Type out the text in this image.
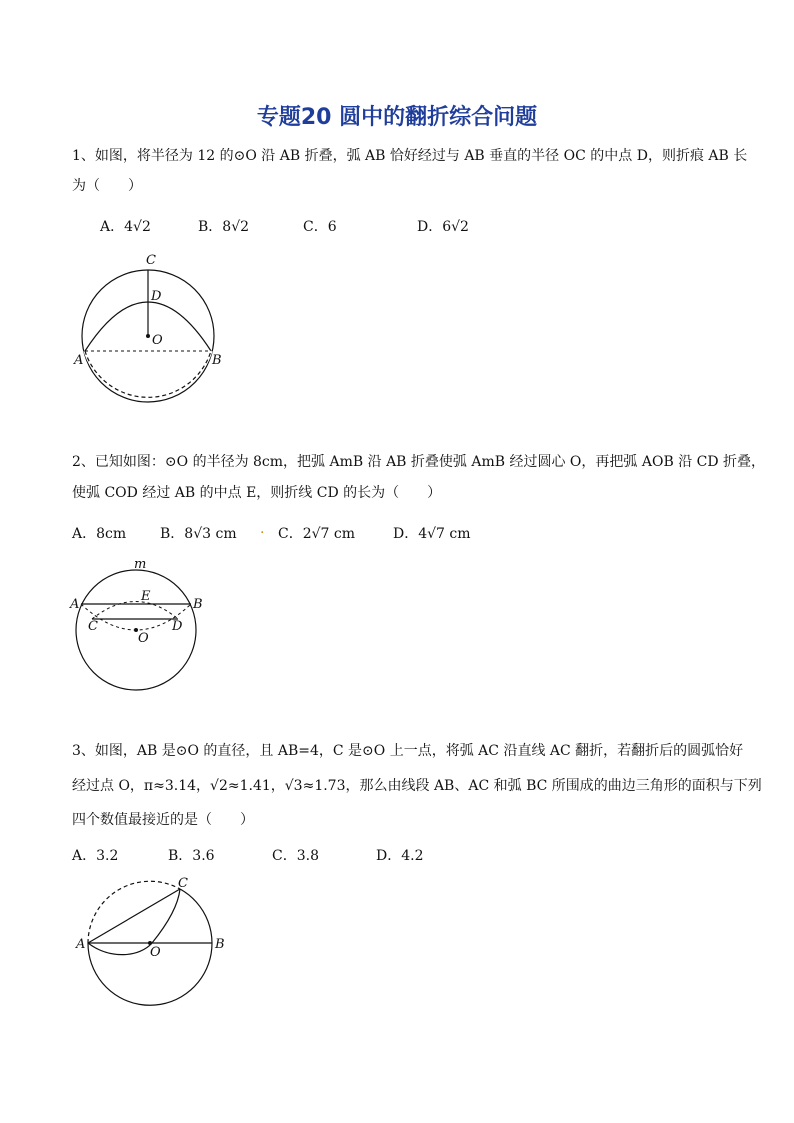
专题20 圆中的翻折综合问题
1、如图，将半径为 12 的⊙O 沿 AB 折叠，弧 AB 恰好经过与 AB 垂直的半径 OC 的中点 D，则折痕 AB 长
为（　　）
A．4√2	B．8√2	C．6	D．6√2
C
D
O
A	B
2、已知如图：⊙O 的半径为 8cm，把弧 AmB 沿 AB 折叠使弧 AmB 经过圆心 O，再把弧 AOB 沿 CD 折叠，
使弧 COD 经过 AB 的中点 E，则折线 CD 的长为（　　）
A．8cm B．8√3 cm . C．2√7 cm	D．4√7 cm
m
A	B
E
C	D
O
3、如图，AB 是⊙O 的直径，且 AB=4，C 是⊙O 上一点，将弧 AC 沿直线 AC 翻折，若翻折后的圆弧恰好
经过点 O，π≈3.14，√2≈1.41，√3≈1.73，那么由线段 AB、AC 和弧 BC 所围成的曲边三角形的面积与下列
四个数值最接近的是（　　）
A．3.2	B．3.6	C．3.8	D．4.2
C
A
O
B
